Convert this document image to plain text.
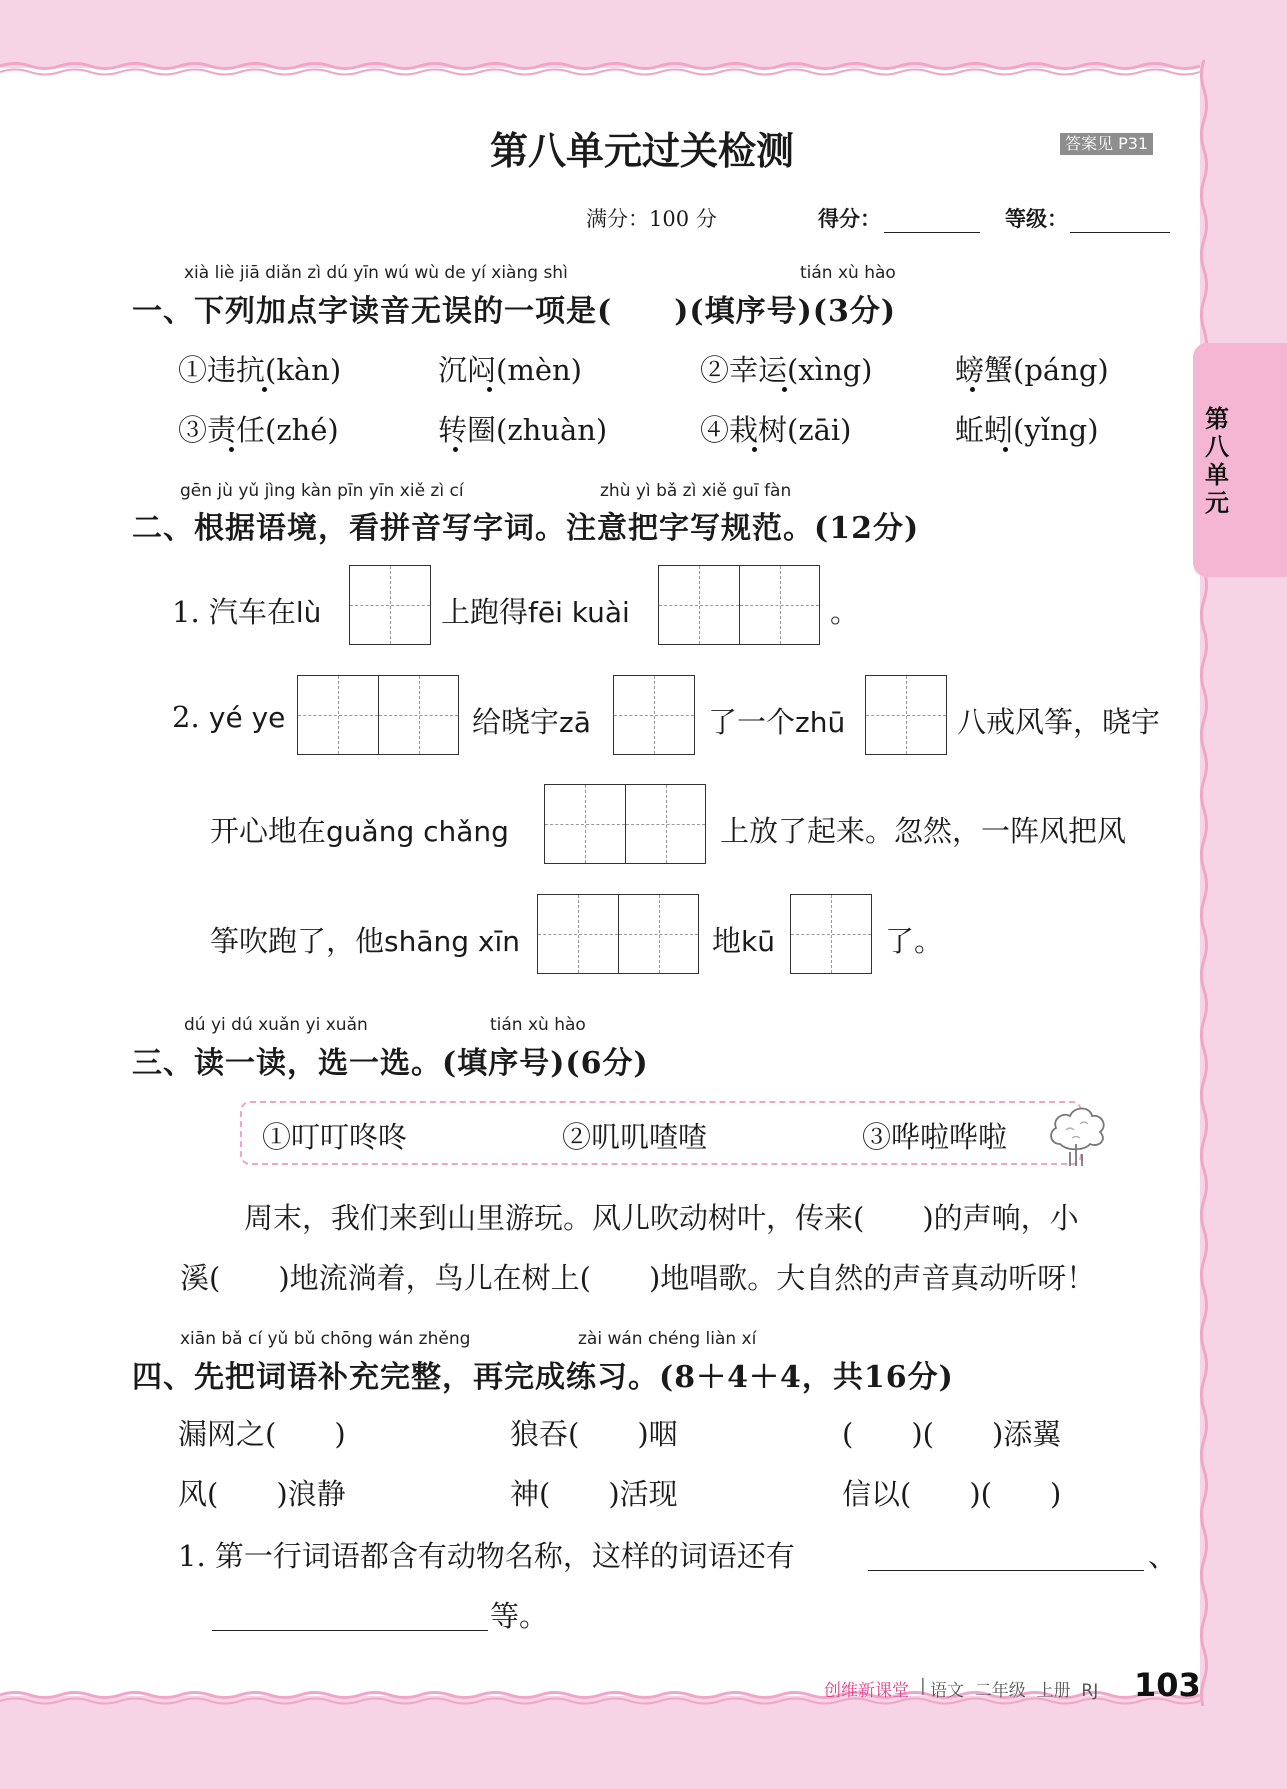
第八单元
第八单元过关检测	答案见 P31
满分：100 分	得分：	等级：
xià liè jiā diǎn zì dú yīn wú wù de yí xiàng shì	tián xù hào
一、下列加点字读音无误的一项是(　　)(填序号)(3分)
①违抗(kàn)	沉闷(mèn)	②幸运(xìng)	螃蟹(páng)
③责任(zhé)	转圈(zhuàn)	④栽树(zāi)	蚯蚓(yǐng)
gēn jù yǔ jìng kàn pīn yīn xiě zì cí	zhù yì bǎ zì xiě guī fàn
二、根据语境，看拼音写字词。注意把字写规范。(12分)
1. 汽车在lù	上跑得fēi kuài	。
2. yé ye	给晓宇zā	了一个zhū	八戒风筝，晓宇
开心地在guǎng chǎng	上放了起来。忽然，一阵风把风
筝吹跑了，他shāng xīn	地kū	了。
dú yi dú xuǎn yi xuǎn	tián xù hào
三、读一读，选一选。(填序号)(6分)
①叮叮咚咚	②叽叽喳喳	③哗啦哗啦
周末，我们来到山里游玩。风儿吹动树叶，传来(　　)的声响，小
溪(　　)地流淌着，鸟儿在树上(　　)地唱歌。大自然的声音真动听呀！
xiān bǎ cí yǔ bǔ chōng wán zhěng	zài wán chéng liàn xí
四、先把词语补充完整，再完成练习。(8＋4＋4，共16分)
漏网之(　　)	狼吞(　　)咽	(　　)(　　)添翼
风(　　)浪静	神(　　)活现	信以(　　)(　　)
1. 第一行词语都含有动物名称，这样的词语还有	、
等。
创维新课堂 | 语文  二年级  上册  RJ 103
